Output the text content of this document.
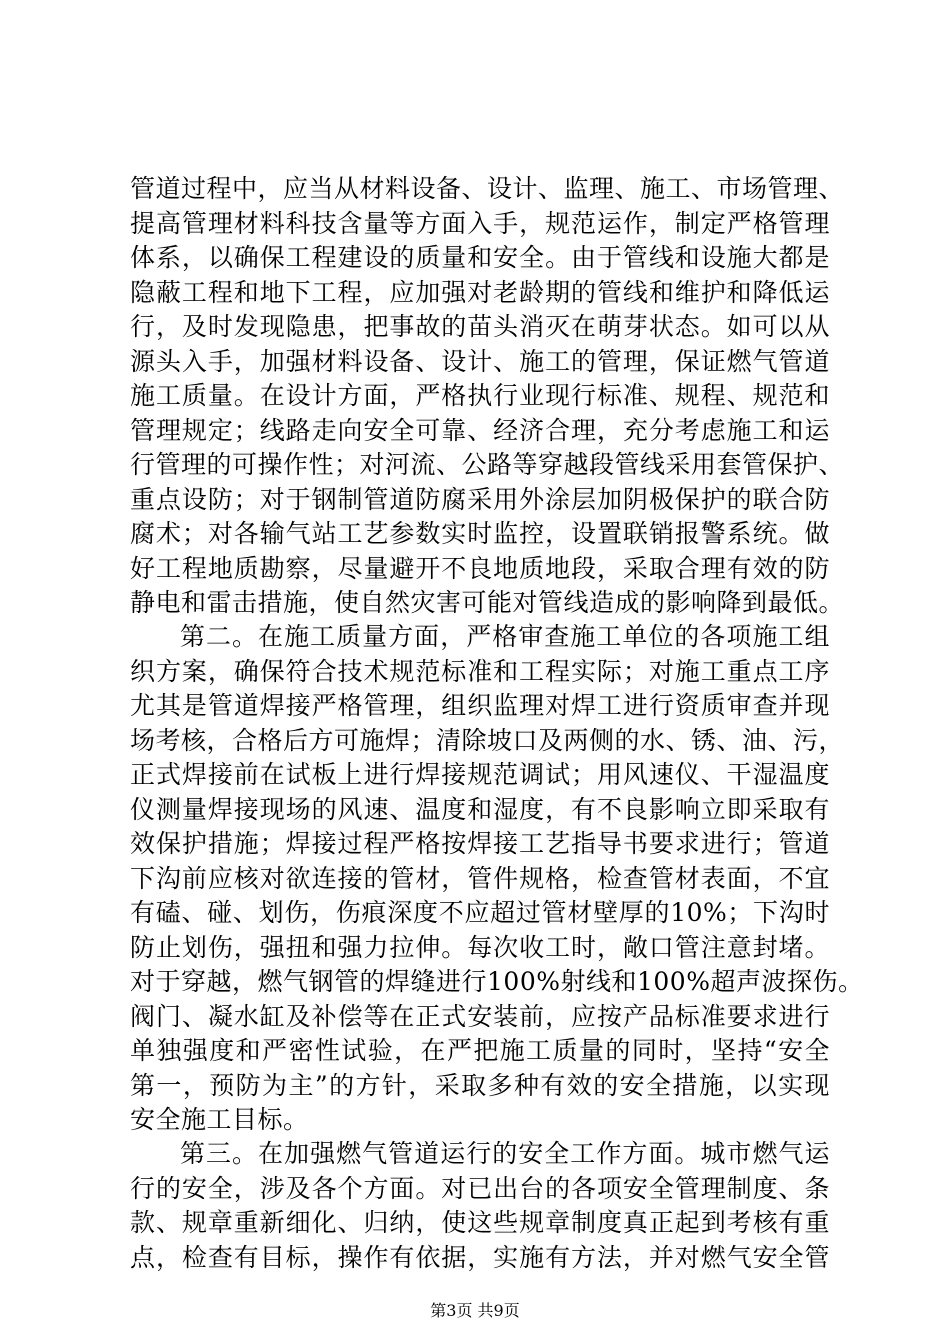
管道过程中，应当从材料设备、设计、监理、施工、市场管理、
提高管理材料科技含量等方面入手，规范运作，制定严格管理
体系，以确保工程建设的质量和安全。由于管线和设施大都是
隐蔽工程和地下工程，应加强对老龄期的管线和维护和降低运
行，及时发现隐患，把事故的苗头消灭在萌芽状态。如可以从
源头入手，加强材料设备、设计、施工的管理，保证燃气管道
施工质量。在设计方面，严格执行业现行标准、规程、规范和
管理规定；线路走向安全可靠、经济合理，充分考虑施工和运
行管理的可操作性；对河流、公路等穿越段管线采用套管保护、
重点设防；对于钢制管道防腐采用外涂层加阴极保护的联合防
腐术；对各输气站工艺参数实时监控，设置联销报警系统。做
好工程地质勘察，尽量避开不良地质地段，采取合理有效的防
静电和雷击措施，使自然灾害可能对管线造成的影响降到最低。
第二。在施工质量方面，严格审查施工单位的各项施工组
织方案，确保符合技术规范标准和工程实际；对施工重点工序
尤其是管道焊接严格管理，组织监理对焊工进行资质审查并现
场考核，合格后方可施焊；清除坡口及两侧的水、锈、油、污，
正式焊接前在试板上进行焊接规范调试；用风速仪、干湿温度
仪测量焊接现场的风速、温度和湿度，有不良影响立即采取有
效保护措施；焊接过程严格按焊接工艺指导书要求进行；管道
下沟前应核对欲连接的管材，管件规格，检查管材表面，不宜
有磕、碰、划伤，伤痕深度不应超过管材壁厚的10%；下沟时
防止划伤，强扭和强力拉伸。每次收工时，敞口管注意封堵。
对于穿越，燃气钢管的焊缝进行100%射线和100%超声波探伤。
阀门、凝水缸及补偿等在正式安装前，应按产品标准要求进行
单独强度和严密性试验，在严把施工质量的同时，坚持“安全
第一，预防为主”的方针，采取多种有效的安全措施，以实现
安全施工目标。
第三。在加强燃气管道运行的安全工作方面。城市燃气运
行的安全，涉及各个方面。对已出台的各项安全管理制度、条
款、规章重新细化、归纳，使这些规章制度真正起到考核有重
点，检查有目标，操作有依据，实施有方法，并对燃气安全管
第3页 共9页
